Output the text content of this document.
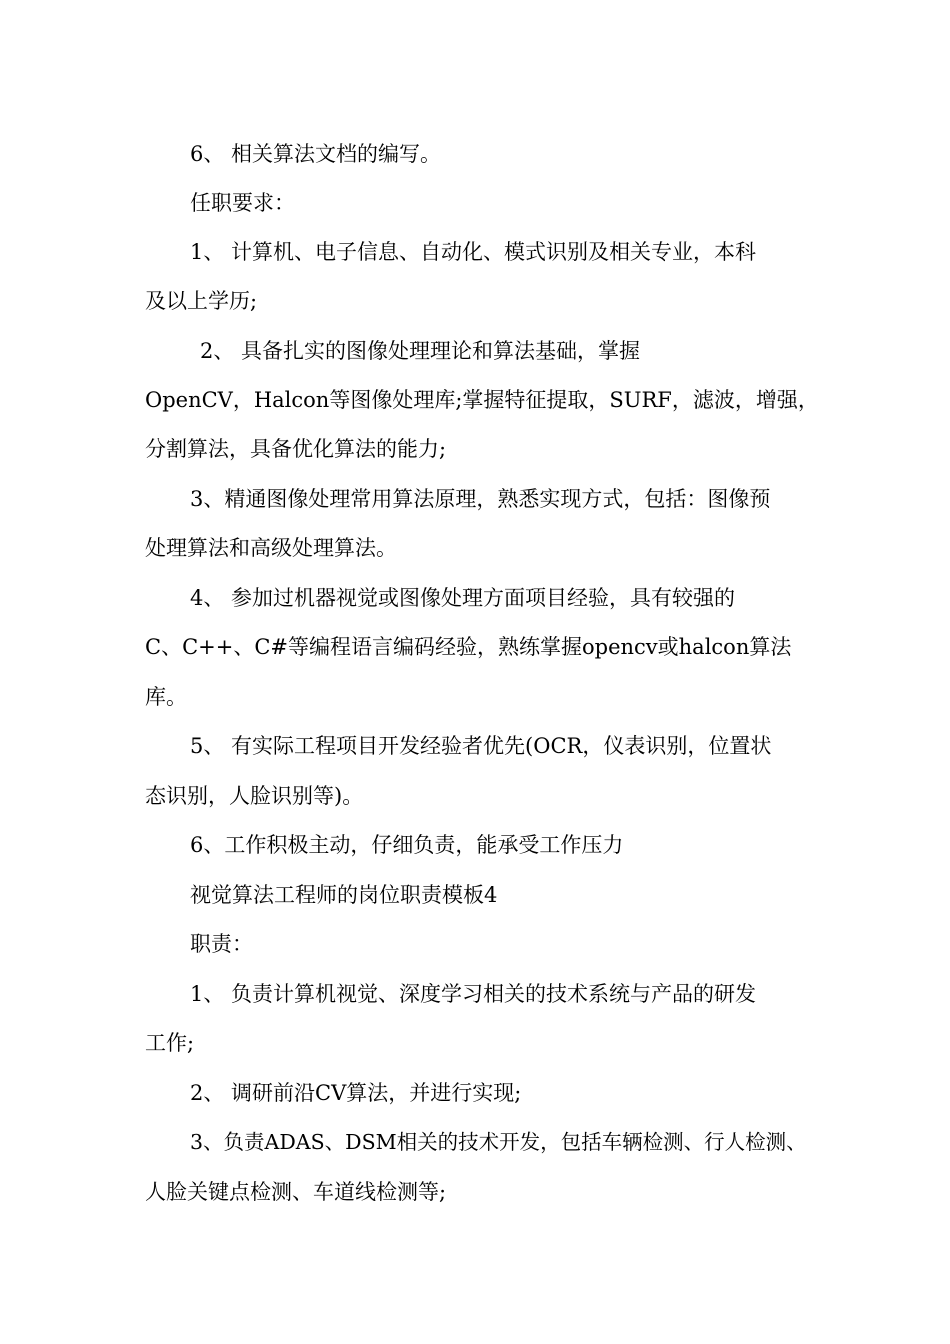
6、 相关算法文档的编写。
任职要求：
1、 计算机、电子信息、自动化、模式识别及相关专业，本科
及以上学历;
2、 具备扎实的图像处理理论和算法基础，掌握
OpenCV，Halcon等图像处理库;掌握特征提取，SURF，滤波，增强，
分割算法，具备优化算法的能力;
3、精通图像处理常用算法原理，熟悉实现方式，包括：图像预
处理算法和高级处理算法。
4、 参加过机器视觉或图像处理方面项目经验，具有较强的
C、C++、C#等编程语言编码经验，熟练掌握opencv或halcon算法
库。
5、 有实际工程项目开发经验者优先(OCR，仪表识别，位置状
态识别，人脸识别等)。
6、工作积极主动，仔细负责，能承受工作压力
视觉算法工程师的岗位职责模板4
职责：
1、 负责计算机视觉、深度学习相关的技术系统与产品的研发
工作;
2、 调研前沿CV算法，并进行实现;
3、负责ADAS、DSM相关的技术开发，包括车辆检测、行人检测、
人脸关键点检测、车道线检测等;
